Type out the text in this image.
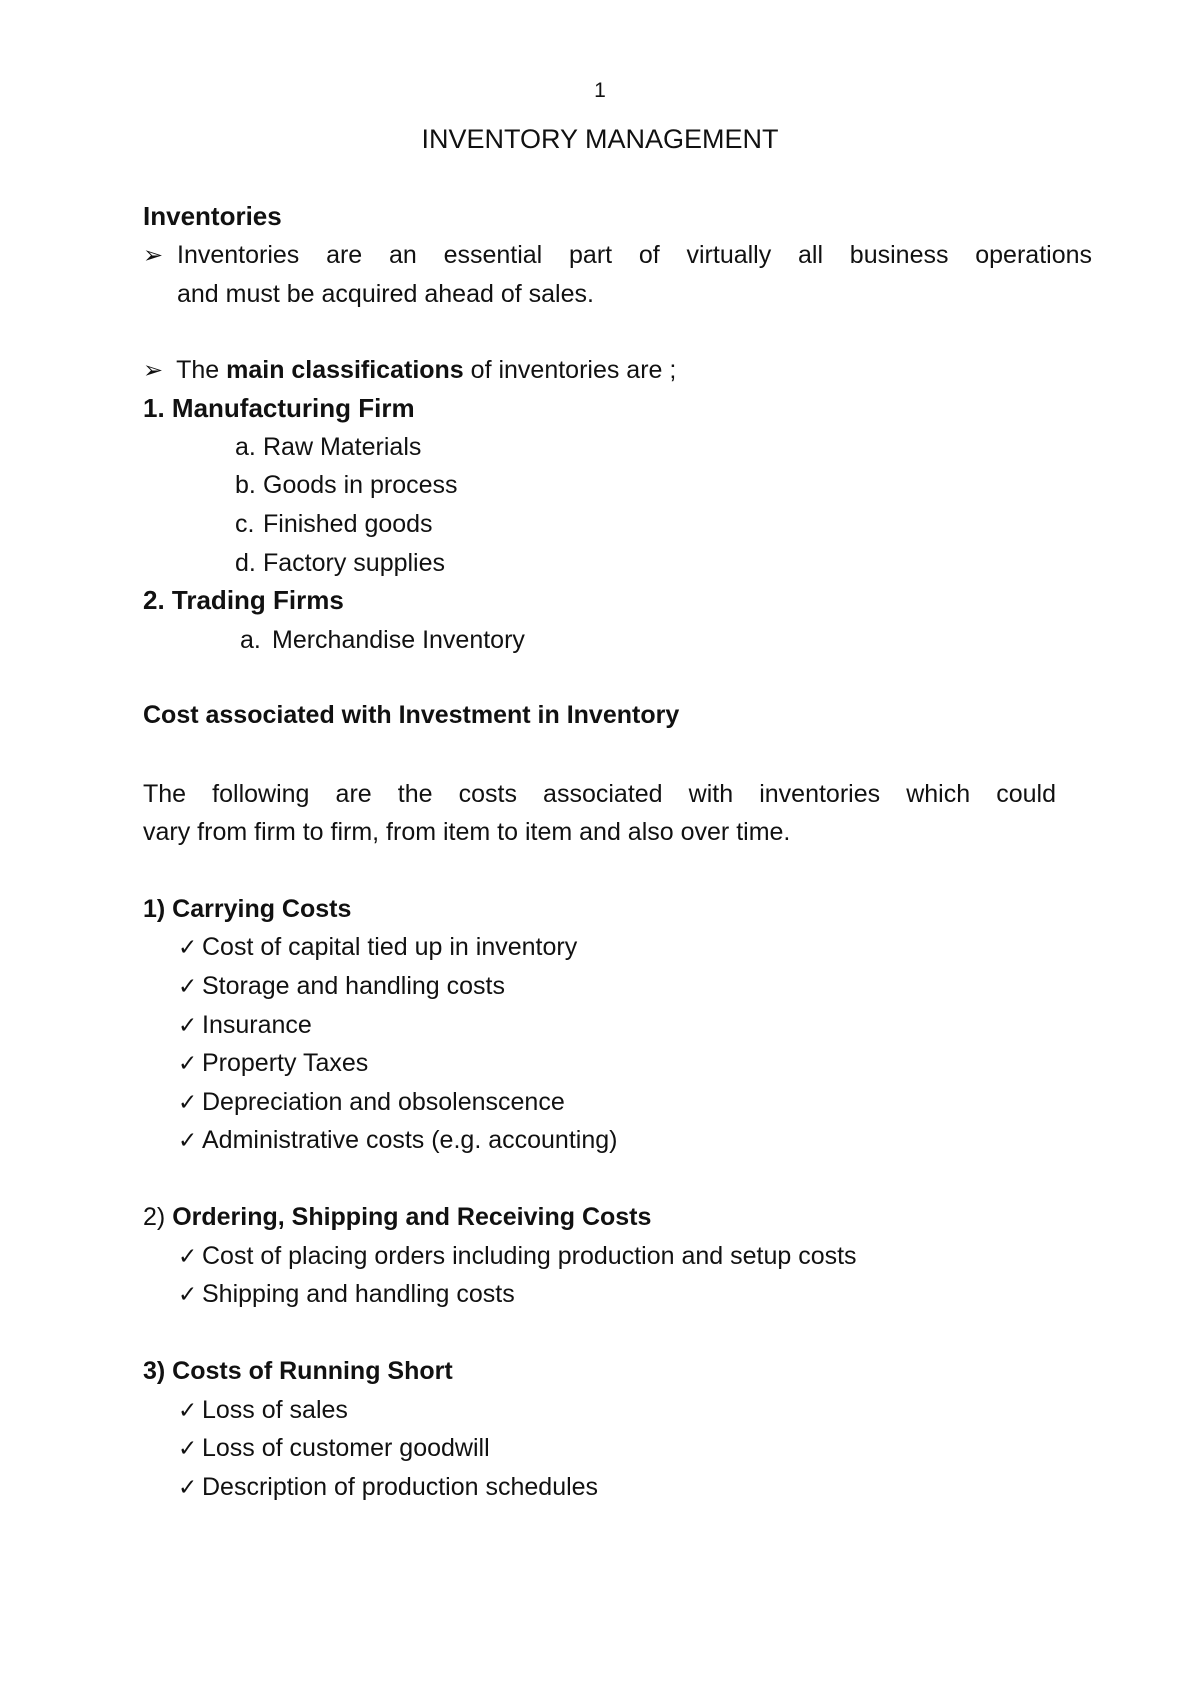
1
INVENTORY MANAGEMENT
Inventories
➢ Inventories are an essential part of virtually all business operations
and must be acquired ahead of sales.
➢ The main classifications of inventories are ;
1. Manufacturing Firm
a. Raw Materials
b. Goods in process
c. Finished goods
d. Factory supplies
2. Trading Firms
a. Merchandise Inventory
Cost associated with Investment in Inventory
The following are the costs associated with inventories which could
vary from firm to firm, from item to item and also over time.
1) Carrying Costs
✓ Cost of capital tied up in inventory
✓ Storage and handling costs
✓ Insurance
✓ Property Taxes
✓ Depreciation and obsolenscence
✓ Administrative costs (e.g. accounting)
2) Ordering, Shipping and Receiving Costs
✓ Cost of placing orders including production and setup costs
✓ Shipping and handling costs
3) Costs of Running Short
✓ Loss of sales
✓ Loss of customer goodwill
✓ Description of production schedules
